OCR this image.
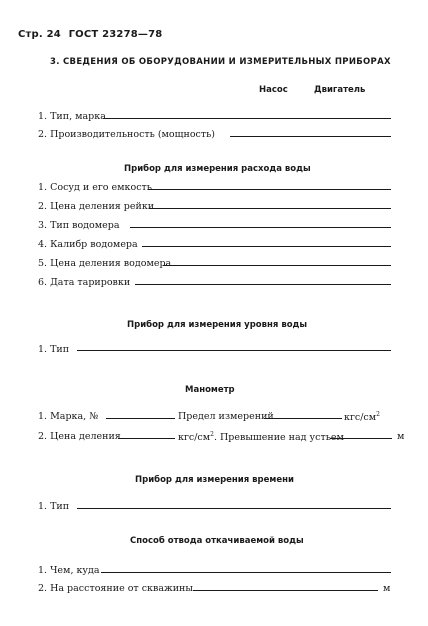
Стр. 24 ГОСТ 23278—78
3. СВЕДЕНИЯ ОБ ОБОРУДОВАНИИ И ИЗМЕРИТЕЛЬНЫХ ПРИБОРАХ
Насос	Двигатель
1. Тип, марка
2. Производительность (мощность)
Прибор для измерения расхода воды
1. Сосуд и его емкость
2. Цена деления рейки
3. Тип водомера
4. Калибр водомера
5. Цена деления водомера
6. Дата тарировки
Прибор для измерения уровня воды
1. Тип
Манометр
1. Марка, №	Предел измерений	кгс/$см^2$
2. Цена деления	кгс/$см^2$. Превышение над устьем	м
Прибор для измерения времени
1. Тип
Способ отвода откачиваемой воды
1. Чем, куда
2. На расстояние от скважины	м
